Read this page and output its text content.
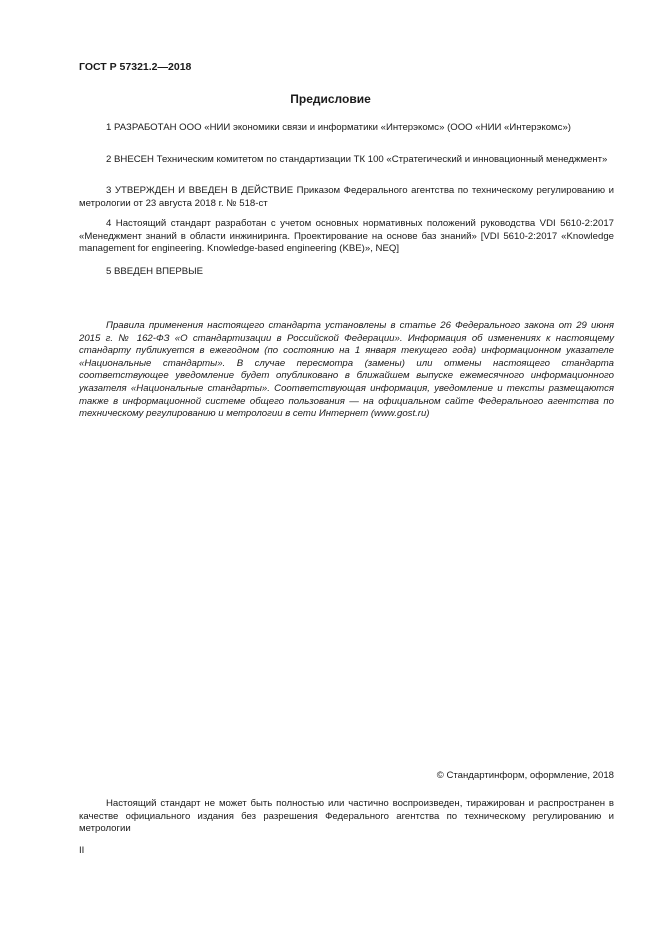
ГОСТ Р 57321.2—2018
Предисловие

1 РАЗРАБОТАН ООО «НИИ экономики связи и информатики «Интерэкомс» (ООО «НИИ «Интерэкомс»)

2 ВНЕСЕН Техническим комитетом по стандартизации ТК 100 «Стратегический и инновационный менеджмент»

3 УТВЕРЖДЕН И ВВЕДЕН В ДЕЙСТВИЕ Приказом Федерального агентства по техническому регулированию и метрологии от 23 августа 2018 г. № 518-ст

4 Настоящий стандарт разработан с учетом основных нормативных положений руководства VDI 5610-2:2017 «Менеджмент знаний в области инжиниринга. Проектирование на основе баз знаний» [VDI 5610-2:2017 «Knowledge management for engineering. Knowledge-based engineering (KBE)», NEQ]

5 ВВЕДЕН ВПЕРВЫЕ

Правила применения настоящего стандарта установлены в статье 26 Федерального закона от 29 июня 2015 г. № 162-ФЗ «О стандартизации в Российской Федерации». Информация об изменениях к настоящему стандарту публикуется в ежегодном (по состоянию на 1 января текущего года) информационном указателе «Национальные стандарты». В случае пересмотра (замены) или отмены настоящего стандарта соответствующее уведомление будет опубликовано в ближайшем выпуске ежемесячного информационного указателя «Национальные стандарты». Соответствующая информация, уведомление и тексты размещаются также в информационной системе общего пользования — на официальном сайте Федерального агентства по техническому регулированию и метрологии в сети Интернет (www.gost.ru)

© Стандартинформ, оформление, 2018

Настоящий стандарт не может быть полностью или частично воспроизведен, тиражирован и распространен в качестве официального издания без разрешения Федерального агентства по техническому регулированию и метрологии

II
